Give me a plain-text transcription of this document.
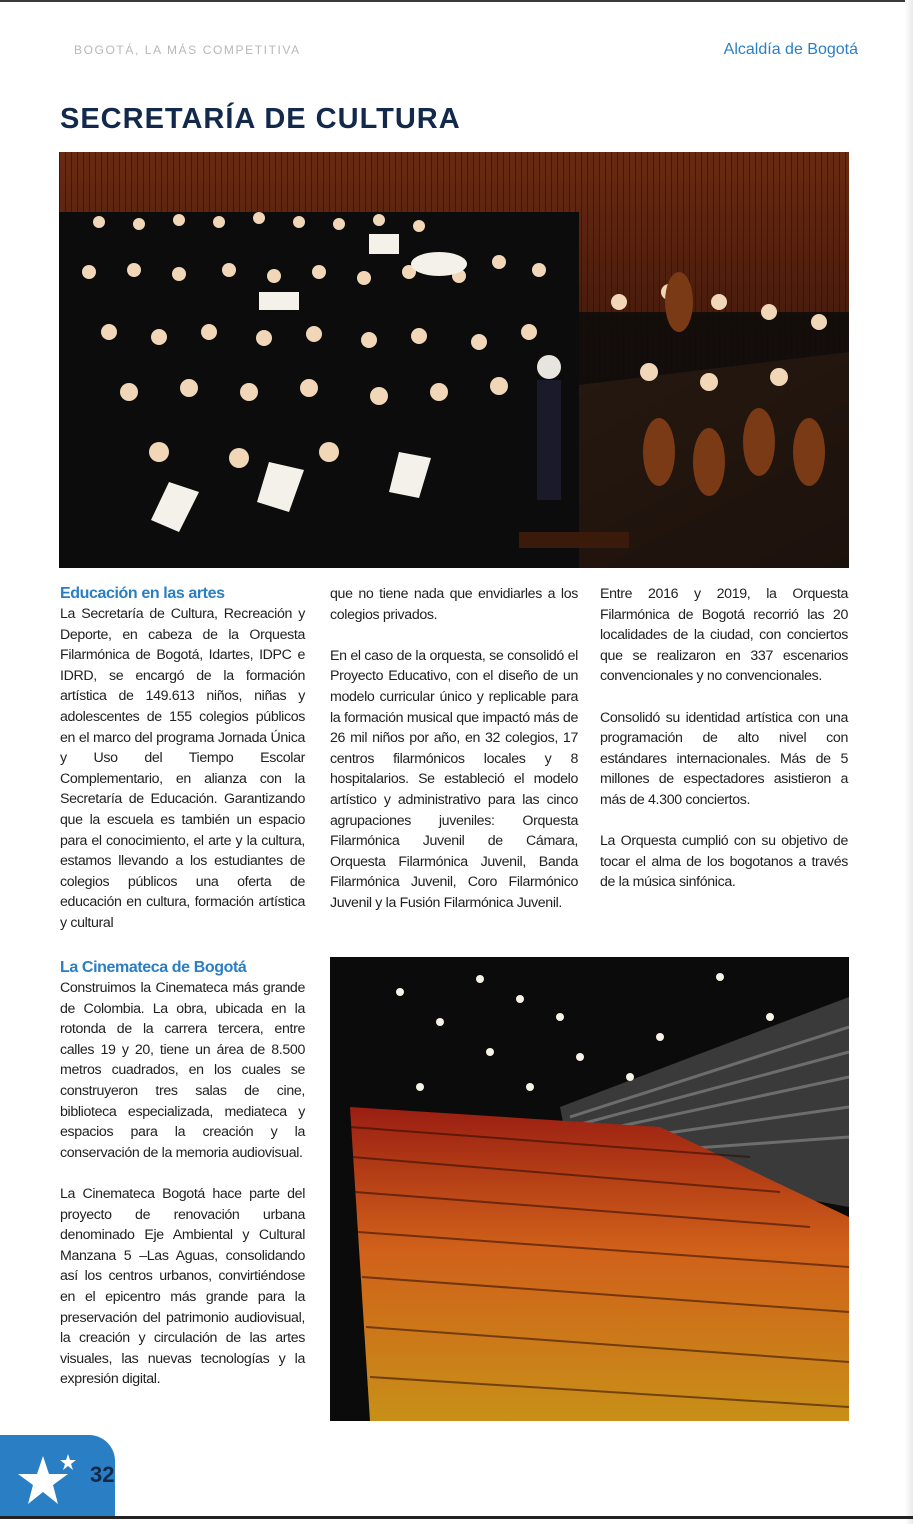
BOGOTÁ, LA MÁS COMPETITIVA	Alcaldía de Bogotá
SECRETARÍA DE CULTURA
Educación en las artes

La Secretaría de Cultura, Recreación y Deporte, en cabeza de la Orquesta Filarmónica de Bogotá, Idartes, IDPC e IDRD, se encargó de la formación artística de 149.613 niños, niñas y adolescentes de 155 colegios públicos en el marco del programa Jornada Única y Uso del Tiempo Escolar Complementario, en alianza con la Secretaría de Educación. Garantizando que la escuela es también un espacio para el conocimiento, el arte y la cultura, estamos llevando a los estudiantes de colegios públicos una oferta de educación en cultura, formación artística y cultural

que no tiene nada que envidiarles a los colegios privados.

En el caso de la orquesta, se consolidó el Proyecto Educativo, con el diseño de un modelo curricular único y replicable para la formación musical que impactó más de 26 mil niños por año, en 32 colegios, 17 centros filarmónicos locales y 8 hospitalarios. Se estableció el modelo artístico y administrativo para las cinco agrupaciones juveniles: Orquesta Filarmónica Juvenil de Cámara, Orquesta Filarmónica Juvenil, Banda Filarmónica Juvenil, Coro Filarmónico Juvenil y la Fusión Filarmónica Juvenil.

Entre 2016 y 2019, la Orquesta Filarmónica de Bogotá recorrió las 20 localidades de la ciudad, con conciertos que se realizaron en 337 escenarios convencionales y no convencionales.

Consolidó su identidad artística con una programación de alto nivel con estándares internacionales. Más de 5 millones de espectadores asistieron a más de 4.300 conciertos.

La Orquesta cumplió con su objetivo de tocar el alma de los bogotanos a través de la música sinfónica.

La Cinemateca de Bogotá

Construimos la Cinemateca más grande de Colombia. La obra, ubicada en la rotonda de la carrera tercera, entre calles 19 y 20, tiene un área de 8.500 metros cuadrados, en los cuales se construyeron tres salas de cine, biblioteca especializada, mediateca y espacios para la creación y la conservación de la memoria audiovisual.

La Cinemateca Bogotá hace parte del proyecto de renovación urbana denominado Eje Ambiental y Cultural Manzana 5 –Las Aguas, consolidando así los centros urbanos, convirtiéndose en el epicentro más grande para la preservación del patrimonio audiovisual, la creación y circulación de las artes visuales, las nuevas tecnologías y la expresión digital.

32
